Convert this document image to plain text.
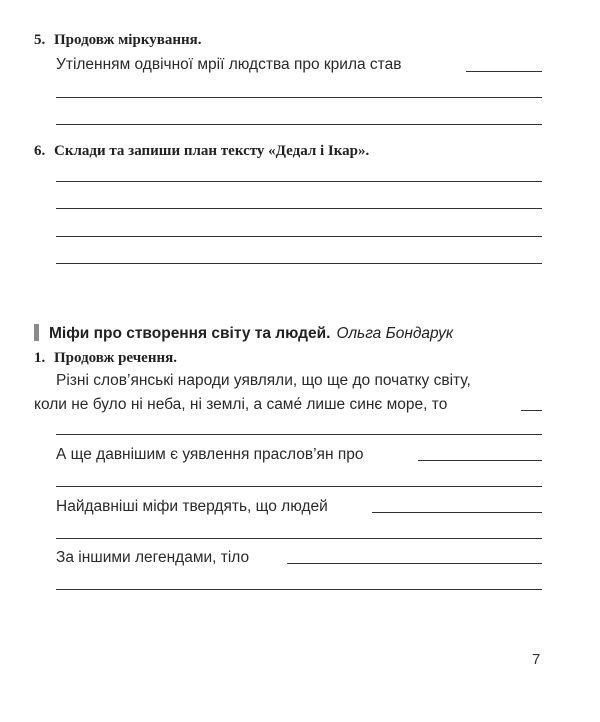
5. Продовж міркування.
Утіленням одвічної мрії людства про крила став
6. Склади та запиши план тексту «Дедал і Ікар».
Міфи про створення світу та людей. Ольга Бондарук
1. Продовж речення.
Різні слов’янські народи уявляли, що ще до початку світу,
коли не було ні неба, ні землі, а саме́ лише синє море, то
А ще давнішим є уявлення праслов’ян про
Найдавніші міфи твердять, що людей
За іншими легендами, тіло
7
